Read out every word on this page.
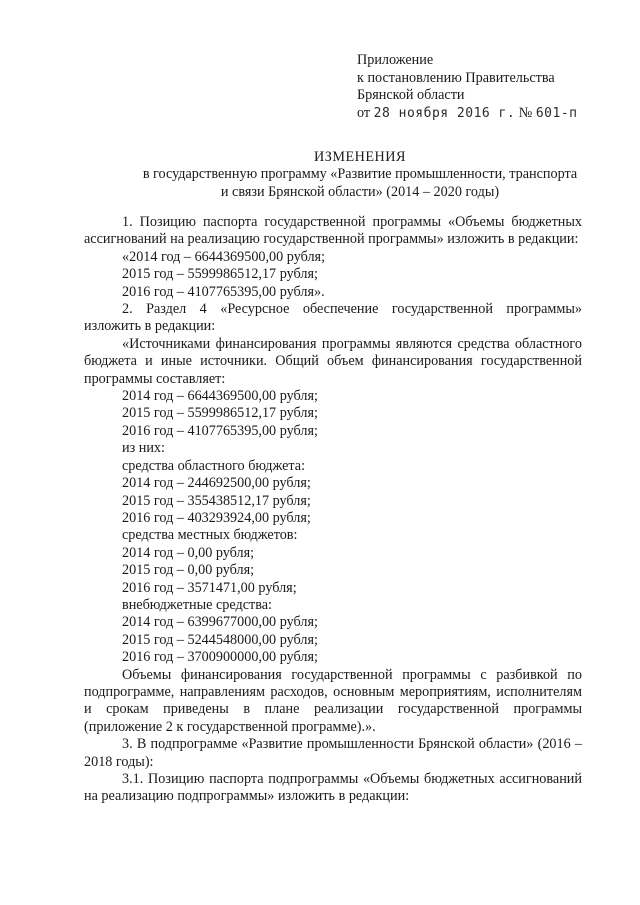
Приложение
к постановлению Правительства
Брянской области
от 28 ноября 2016 г. № 601-п
ИЗМЕНЕНИЯ
в государственную программу «Развитие промышленности, транспорта
и связи Брянской области» (2014 – 2020 годы)

1. Позицию паспорта государственной программы «Объемы бюджетных ассигнований на реализацию государственной программы» изложить в редакции:

«2014 год – 6644369500,00 рубля;

2015 год – 5599986512,17 рубля;

2016 год – 4107765395,00 рубля».

2. Раздел 4 «Ресурсное обеспечение государственной программы» изложить в редакции:

«Источниками финансирования программы являются средства областного бюджета и иные источники. Общий объем финансирования государственной программы составляет:

2014 год – 6644369500,00 рубля;

2015 год – 5599986512,17 рубля;

2016 год – 4107765395,00 рубля;

из них:

средства областного бюджета:

2014 год – 244692500,00 рубля;

2015 год – 355438512,17 рубля;

2016 год – 403293924,00 рубля;

средства местных бюджетов:

2014 год – 0,00 рубля;

2015 год – 0,00 рубля;

2016 год – 3571471,00 рубля;

внебюджетные средства:

2014 год – 6399677000,00 рубля;

2015 год – 5244548000,00 рубля;

2016 год – 3700900000,00 рубля;

Объемы финансирования государственной программы с разбивкой по подпрограмме, направлениям расходов, основным мероприятиям, исполнителям и срокам приведены в плане реализации государственной программы (приложение 2 к государственной программе).».

3. В подпрограмме «Развитие промышленности Брянской области» (2016 – 2018 годы):

3.1. Позицию паспорта подпрограммы «Объемы бюджетных ассигнований на реализацию подпрограммы» изложить в редакции:
